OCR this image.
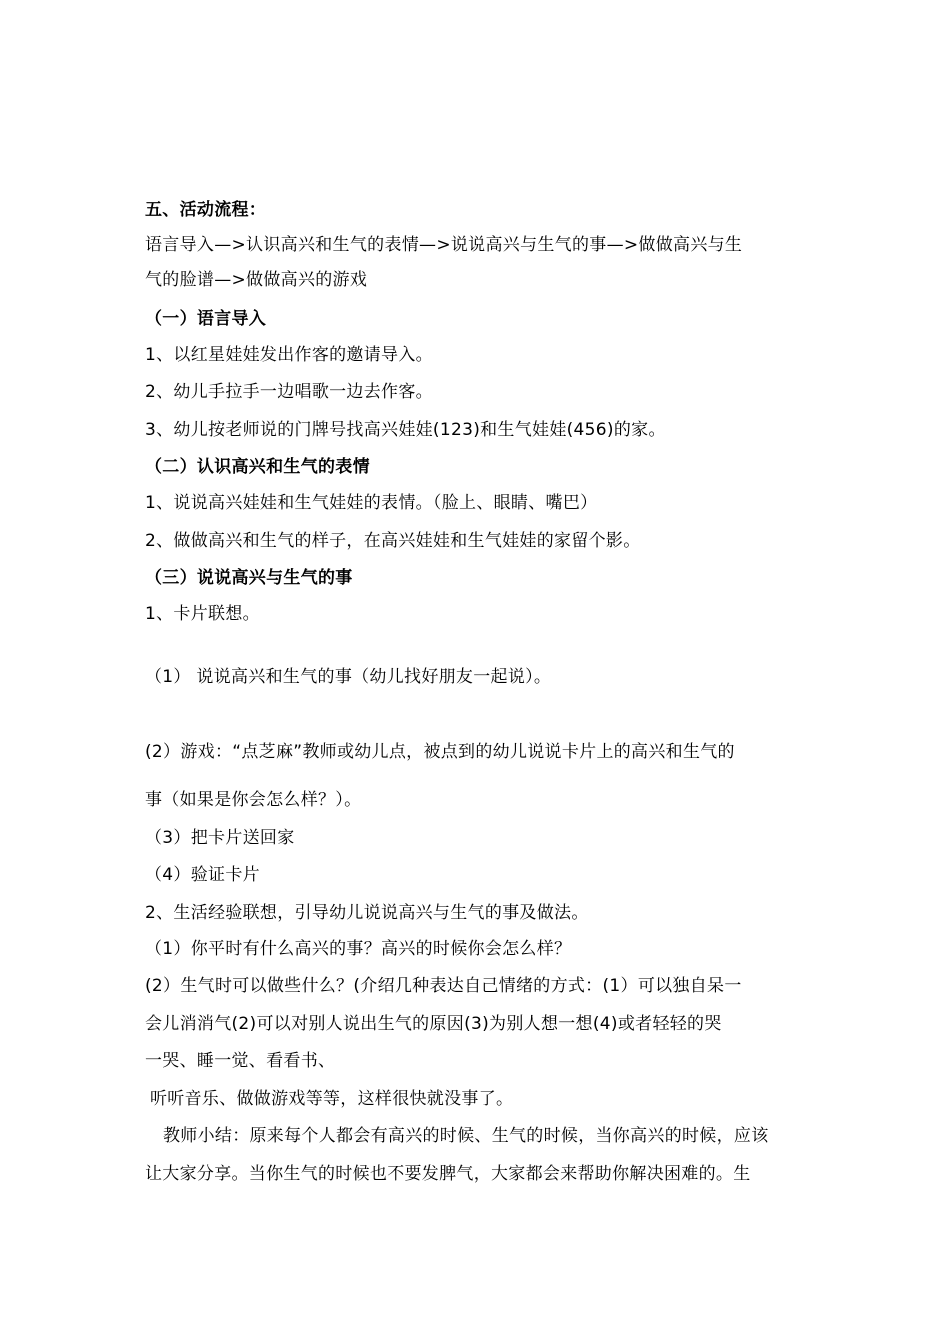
五、活动流程：
语言导入—>认识高兴和生气的表情—>说说高兴与生气的事—>做做高兴与生
气的脸谱—>做做高兴的游戏
（一）语言导入
1、以红星娃娃发出作客的邀请导入。
2、幼儿手拉手一边唱歌一边去作客。
3、幼儿按老师说的门牌号找高兴娃娃(123)和生气娃娃(456)的家。
（二）认识高兴和生气的表情
1、说说高兴娃娃和生气娃娃的表情。（脸上、眼睛、嘴巴）
2、做做高兴和生气的样子，在高兴娃娃和生气娃娃的家留个影。
（三）说说高兴与生气的事
1、卡片联想。
（1） 说说高兴和生气的事（幼儿找好朋友一起说）。
(2）游戏：“点芝麻”教师或幼儿点，被点到的幼儿说说卡片上的高兴和生气的
事（如果是你会怎么样？）。
（3）把卡片送回家
（4）验证卡片
2、生活经验联想，引导幼儿说说高兴与生气的事及做法。
（1）你平时有什么高兴的事？高兴的时候你会怎么样？
(2）生气时可以做些什么？(介绍几种表达自己情绪的方式：(1）可以独自呆一
会儿消消气(2)可以对别人说出生气的原因(3)为别人想一想(4)或者轻轻的哭
一哭、睡一觉、看看书、
听听音乐、做做游戏等等，这样很快就没事了。
教师小结：原来每个人都会有高兴的时候、生气的时候，当你高兴的时候，应该
让大家分享。当你生气的时候也不要发脾气，大家都会来帮助你解决困难的。生
